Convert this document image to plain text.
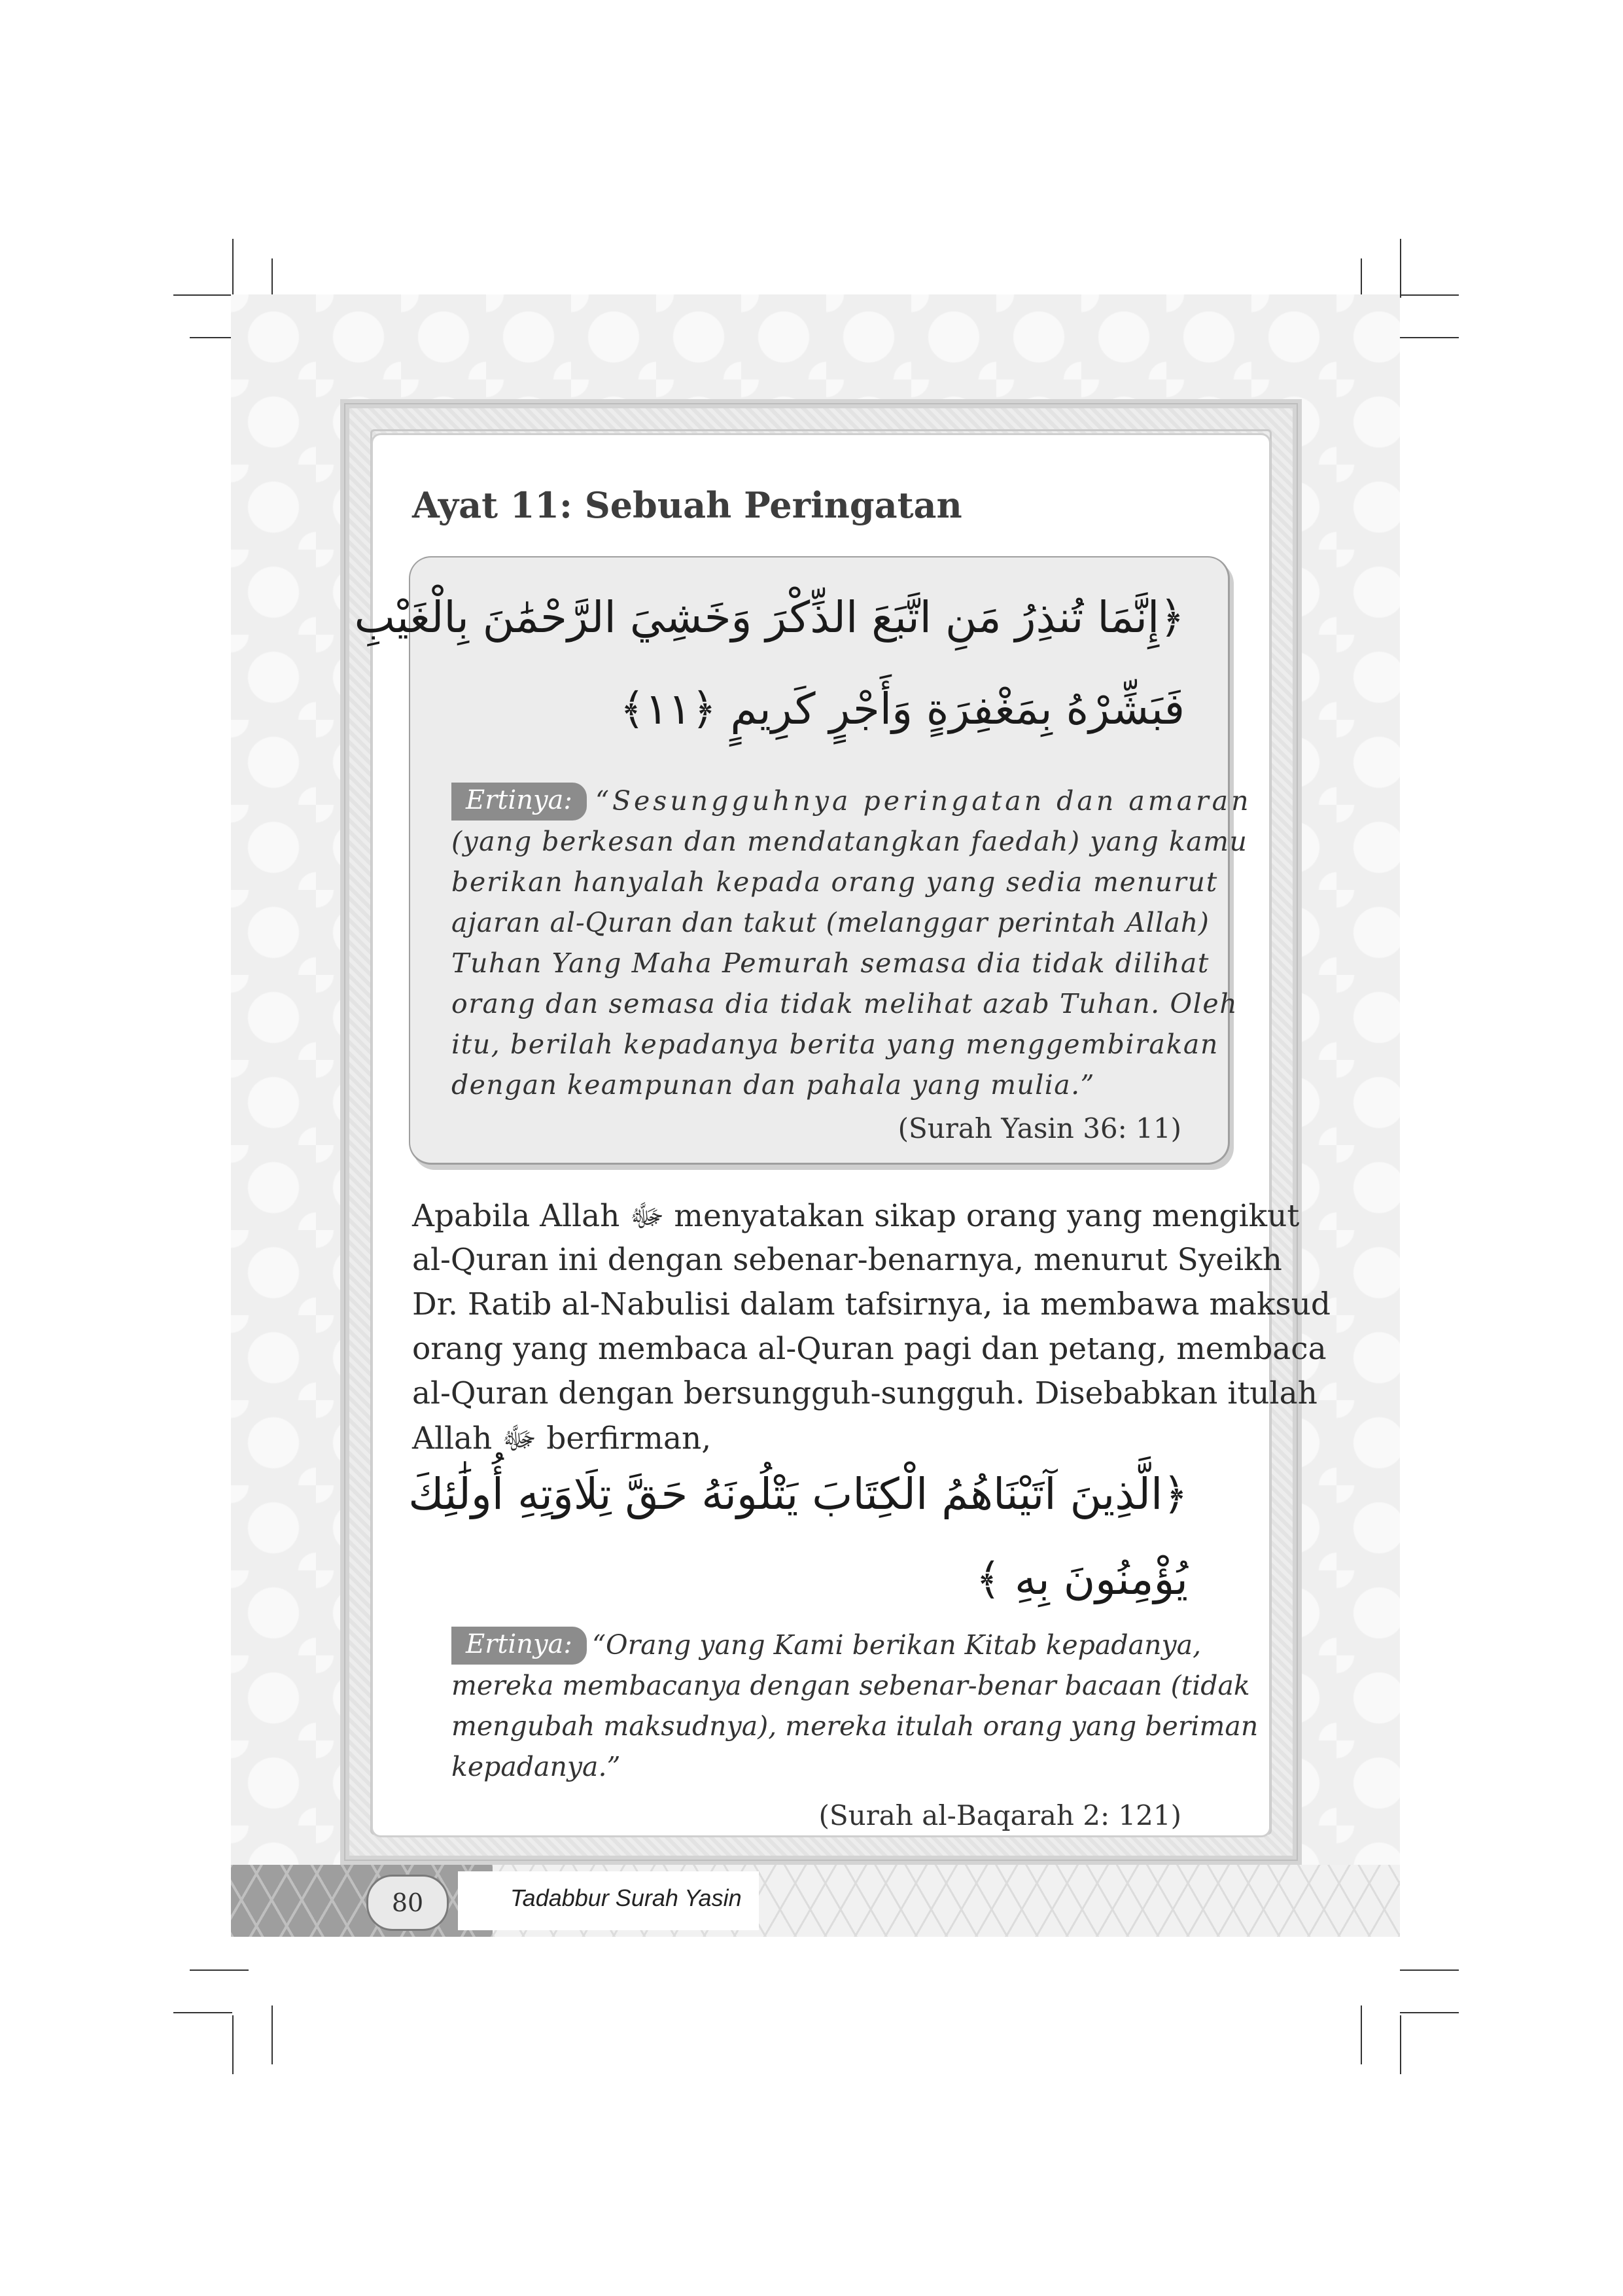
Ayat 11: Sebuah Peringatan
﴿إِنَّمَا تُنذِرُ مَنِ اتَّبَعَ الذِّكْرَ وَخَشِيَ الرَّحْمَٰنَ بِالْغَيْبِ
فَبَشِّرْهُ بِمَغْفِرَةٍ وَأَجْرٍ كَرِيمٍ ﴿١١﴾
Ertinya: “Sesungguhnya peringatan dan amaran
(yang berkesan dan mendatangkan faedah) yang kamu
berikan hanyalah kepada orang yang sedia menurut
ajaran al-Quran dan takut (melanggar perintah Allah)
Tuhan Yang Maha Pemurah semasa dia tidak dilihat
orang dan semasa dia tidak melihat azab Tuhan. Oleh
itu, berilah kepadanya berita yang menggembirakan
dengan keampunan dan pahala yang mulia.”
(Surah Yasin 36: 11)
Apabila Allah ﷻ menyatakan sikap orang yang mengikut
al-Quran ini dengan sebenar-benarnya, menurut Syeikh
Dr. Ratib al-Nabulisi dalam tafsirnya, ia membawa maksud
orang yang membaca al-Quran pagi dan petang, membaca
al-Quran dengan bersungguh-sungguh. Disebabkan itulah
Allah ﷻ berfirman,
﴿الَّذِينَ آتَيْنَاهُمُ الْكِتَابَ يَتْلُونَهُ حَقَّ تِلَاوَتِهِ أُولَٰئِكَ
يُؤْمِنُونَ بِهِ ﴾
Ertinya: “Orang yang Kami berikan Kitab kepadanya,
mereka membacanya dengan sebenar-benar bacaan (tidak
mengubah maksudnya), mereka itulah orang yang beriman
kepadanya.”
(Surah al-Baqarah 2: 121)
80	Tadabbur Surah Yasin
